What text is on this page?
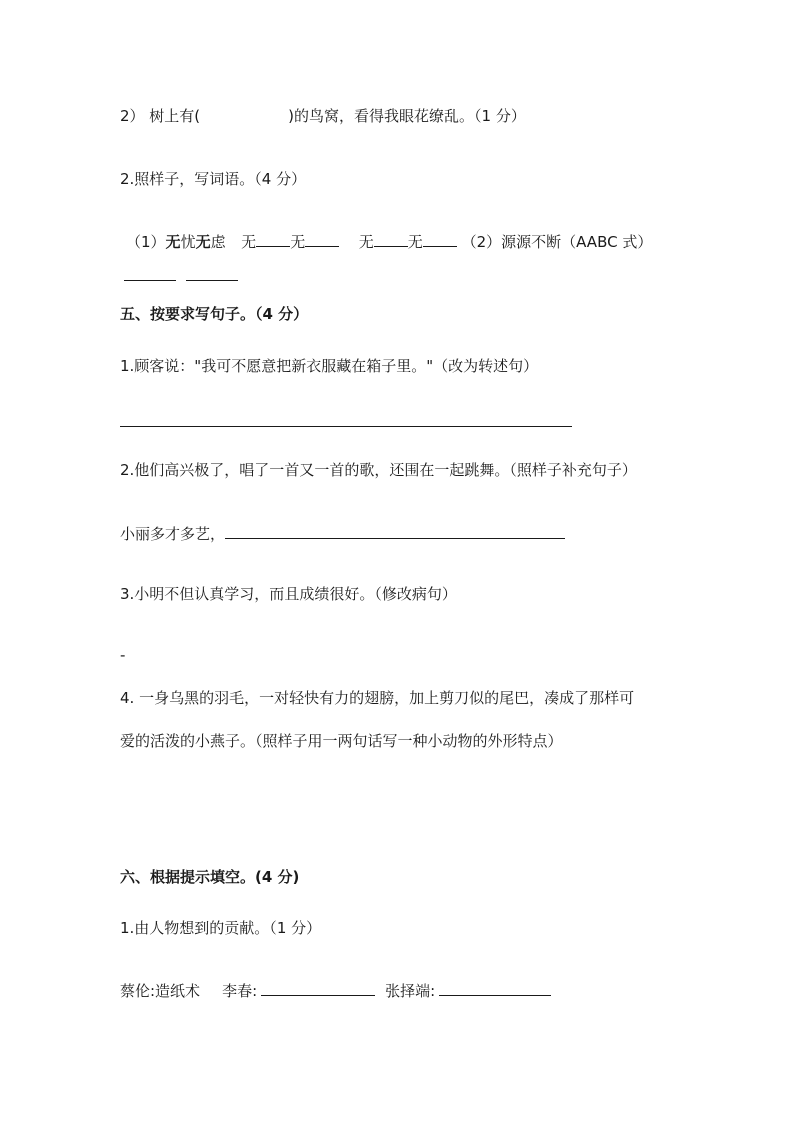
2） 树上有(	)的鸟窝，看得我眼花缭乱。（1 分）
2.照样子，写词语。（4 分）
（1）无忧无虑 无 无	无 无	（2）源源不断（AABC 式）
五、按要求写句子。（4 分）
1.顾客说："我可不愿意把新衣服藏在箱子里。"（改为转述句）
2.他们高兴极了，唱了一首又一首的歌，还围在一起跳舞。（照样子补充句子）
小丽多才多艺，
3.小明不但认真学习，而且成绩很好。（修改病句）
-
4. 一身乌黑的羽毛，一对轻快有力的翅膀，加上剪刀似的尾巴，凑成了那样可
爱的活泼的小燕子。（照样子用一两句话写一种小动物的外形特点）
六、根据提示填空。(4 分)
1.由人物想到的贡献。（1 分）
蔡伦:造纸术 李春:	张择端:
